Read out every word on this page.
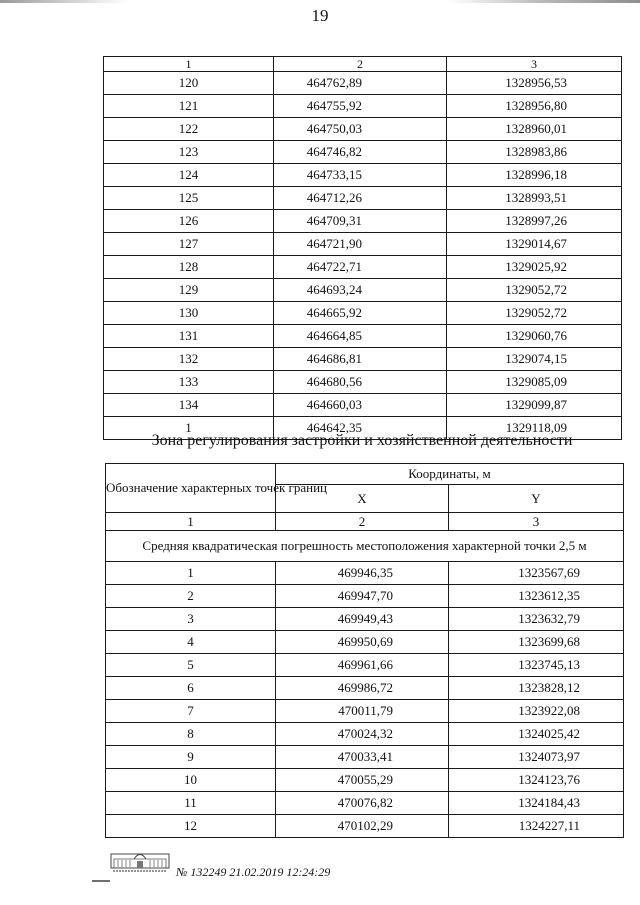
19
1	2	3
120	464762,89	1328956,53
121	464755,92	1328956,80
122	464750,03	1328960,01
123	464746,82	1328983,86
124	464733,15	1328996,18
125	464712,26	1328993,51
126	464709,31	1328997,26
127	464721,90	1329014,67
128	464722,71	1329025,92
129	464693,24	1329052,72
130	464665,92	1329052,72
131	464664,85	1329060,76
132	464686,81	1329074,15
133	464680,56	1329085,09
134	464660,03	1329099,87
1	464642,35	1329118,09
Зона регулирования застройки и хозяйственной деятельности
Обозначение характерных точек границ	Координаты, м	
	X	Y
1	2	3
Средняя квадратическая погрешность местоположения характерной точки 2,5 м		
1	469946,35	1323567,69
2	469947,70	1323612,35
3	469949,43	1323632,79
4	469950,69	1323699,68
5	469961,66	1323745,13
6	469986,72	1323828,12
7	470011,79	1323922,08
8	470024,32	1324025,42
9	470033,41	1324073,97
10	470055,29	1324123,76
11	470076,82	1324184,43
12	470102,29	1324227,11
№ 132249 21.02.2019 12:24:29
